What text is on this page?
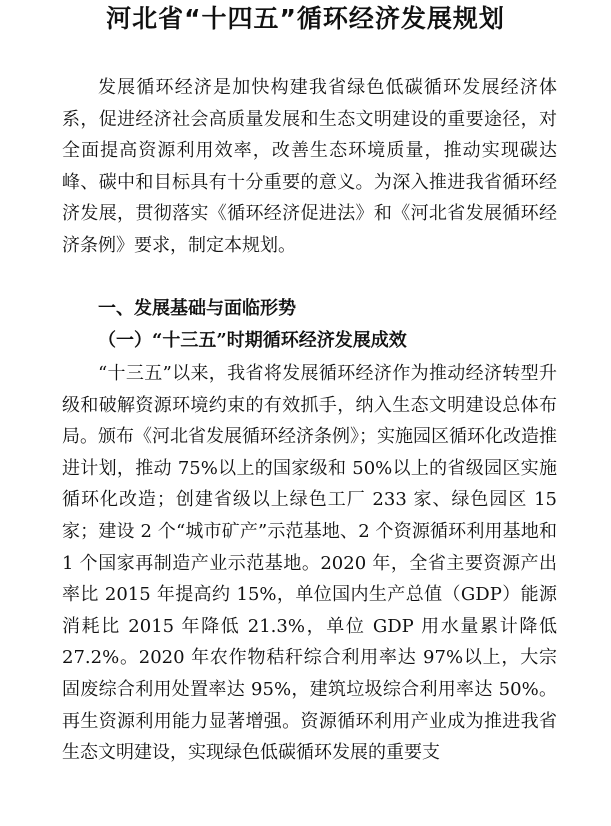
河北省“十四五”循环经济发展规划

发展循环经济是加快构建我省绿色低碳循环发展经济体系，促进经济社会高质量发展和生态文明建设的重要途径，对全面提高资源利用效率，改善生态环境质量，推动实现碳达峰、碳中和目标具有十分重要的意义。为深入推进我省循环经济发展，贯彻落实《循环经济促进法》和《河北省发展循环经济条例》要求，制定本规划。

一、发展基础与面临形势
（一）“十三五”时期循环经济发展成效

“十三五”以来，我省将发展循环经济作为推动经济转型升级和破解资源环境约束的有效抓手，纳入生态文明建设总体布局。颁布《河北省发展循环经济条例》；实施园区循环化改造推进计划，推动 75%以上的国家级和 50%以上的省级园区实施循环化改造；创建省级以上绿色工厂 233 家、绿色园区 15 家；建设 2 个“城市矿产”示范基地、2 个资源循环利用基地和 1 个国家再制造产业示范基地。2020 年，全省主要资源产出率比 2015 年提高约 15%，单位国内生产总值（GDP）能源消耗比 2015 年降低 21.3%，单位 GDP 用水量累计降低 27.2%。2020 年农作物秸秆综合利用率达 97%以上，大宗固废综合利用处置率达 95%，建筑垃圾综合利用率达 50%。再生资源利用能力显著增强。资源循环利用产业成为推进我省生态文明建设，实现绿色低碳循环发展的重要支
